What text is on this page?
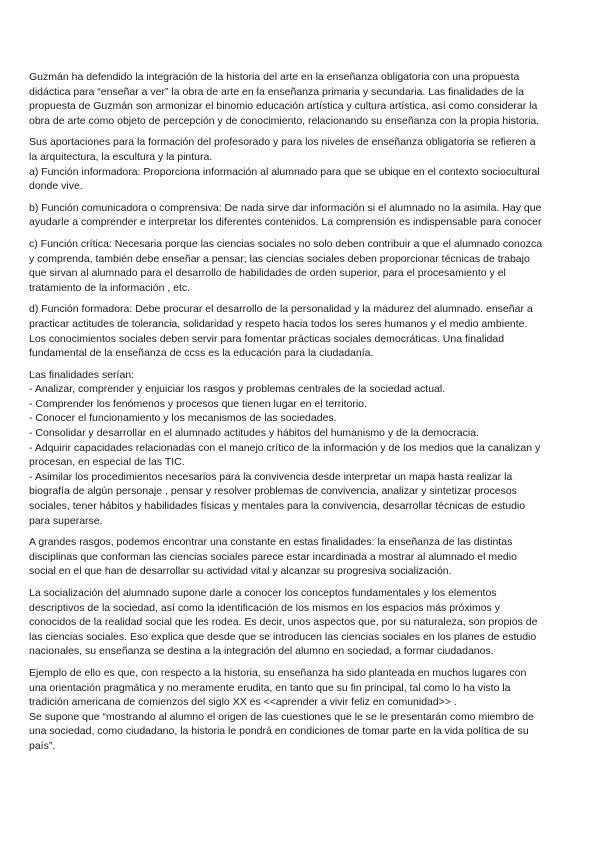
Guzmán ha defendido la integración de la historia del arte en la enseñanza obligatoria con una propuesta
didáctica para “enseñar a ver” la obra de arte en la enseñanza primaria y secundaria. Las finalidades de la
propuesta de Guzmán son armonizar el binomio educación artística y cultura artística, así como considerar la
obra de arte como objeto de percepción y de conocimiento, relacionando su enseñanza con la propia historia.
Sus aportaciones para la formación del profesorado y para los niveles de enseñanza obligatoria se refieren a
la arquitectura, la escultura y la pintura.
a) Función informadora: Proporciona información al alumnado para que se ubique en el contexto sociocultural
donde vive.
b) Función comunicadora o comprensiva: De nada sirve dar información si el alumnado no la asimila. Hay que
ayudarle a comprender e interpretar los diferentes contenidos. La comprensión es indispensable para conocer
c) Función crítica: Necesaria porque las ciencias sociales no solo deben contribuir a que el alumnado conozca
y comprenda, también debe enseñar a pensar; las ciencias sociales deben proporcionar técnicas de trabajo
que sirvan al alumnado para el desarrollo de habilidades de orden superior, para el procesamiento y el
tratamiento de la información , etc.
d) Función formadora: Debe procurar el desarrollo de la personalidad y la madurez del alumnado. enseñar a
practicar actitudes de tolerancia, solidaridad y respeto hacia todos los seres humanos y el medio ambiente.
Los conocimientos sociales deben servir para fomentar prácticas sociales democráticas. Una finalidad
fundamental de la enseñanza de ccss es la educación para la ciudadanía.
Las finalidades serían:
- Analizar, comprender y enjuiciar los rasgos y problemas centrales de la sociedad actual.
- Comprender los fenómenos y procesos que tienen lugar en el territorio.
- Conocer el funcionamiento y los mecanismos de las sociedades.
- Consolidar y desarrollar en el alumnado actitudes y hábitos del humanismo y de la democracia.
- Adquirir capacidades relacionadas con el manejo crítico de la información y de los medios que la canalizan y
procesan, en especial de las TIC.
- Asimilar los procedimientos necesarios para la convivencia desde interpretar un mapa hasta realizar la
biografía de algún personaje , pensar y resolver problemas de convivencia, analizar y sintetizar procesos
sociales, tener hábitos y habilidades físicas y mentales para la convivencia, desarrollar técnicas de estudio
para superarse.
A grandes rasgos, podemos encontrar una constante en estas finalidades: la enseñanza de las distintas
disciplinas que conforman las ciencias sociales parece estar incardinada a mostrar al alumnado el medio
social en el que han de desarrollar su actividad vital y alcanzar su progresiva socialización.
La socialización del alumnado supone darle a conocer los conceptos fundamentales y los elementos
descriptivos de la sociedad, así como la identificación de los mismos en los espacios más próximos y
conocidos de la realidad social que les rodea. Es decir, unos aspectos que, por su naturaleza, son propios de
las ciencias sociales. Eso explica que desde que se introducen las ciencias sociales en los planes de estudio
nacionales, su enseñanza se destina a la integración del alumno en sociedad, a formar ciudadanos.
Ejemplo de ello es que, con respecto a la historia, su enseñanza ha sido planteada en muchos lugares con
una orientación pragmática y no meramente erudita, en tanto que su fin principal, tal como lo ha visto la
tradición americana de comienzos del siglo XX es <<aprender a vivir feliz en comunidad>> .
Se supone que “mostrando al alumno el origen de las cuestiones que le se le presentarán como miembro de
una sociedad, como ciudadano, la historia le pondrá en condiciones de tomar parte en la vida política de su
país”.
